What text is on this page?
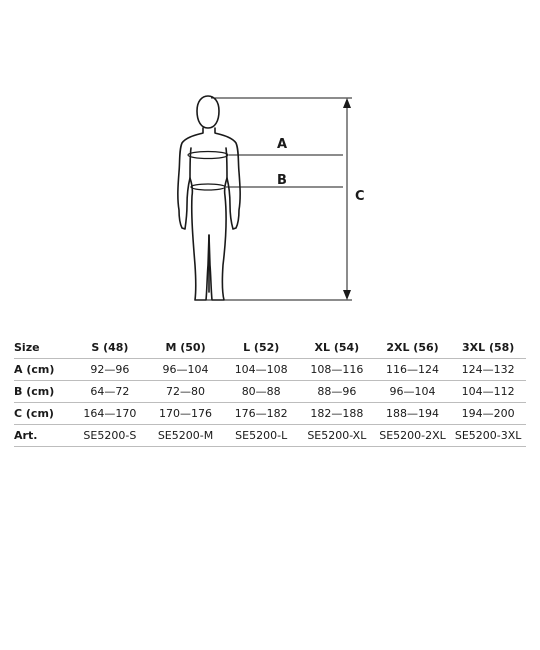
A
B
C
Size	S (48)	M (50)	L (52)	XL (54)	2XL (56)	3XL (58)
A (cm)	92—96	96—104	104—108	108—116	116—124	124—132
B (cm)	64—72	72—80	80—88	88—96	96—104	104—112
C (cm)	164—170	170—176	176—182	182—188	188—194	194—200
Art.	SE5200-S	SE5200-M	SE5200-L	SE5200-XL	SE5200-2XL	SE5200-3XL
